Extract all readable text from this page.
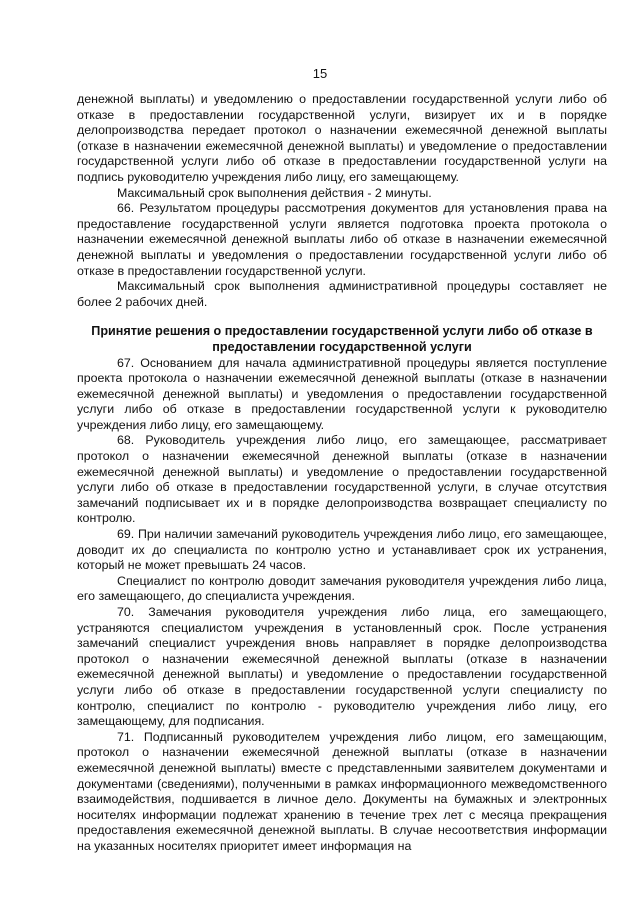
15

денежной выплаты) и уведомлению о предоставлении государственной услуги либо об отказе в предоставлении государственной услуги, визирует их и в порядке делопроизводства передает протокол о назначении ежемесячной денежной выплаты (отказе в назначении ежемесячной денежной выплаты) и уведомление о предоставлении государственной услуги либо об отказе в предоставлении государственной услуги на подпись руководителю учреждения либо лицу, его замещающему.

Максимальный срок выполнения действия - 2 минуты.

66. Результатом процедуры рассмотрения документов для установления права на предоставление государственной услуги является подготовка проекта протокола о назначении ежемесячной денежной выплаты либо об отказе в назначении ежемесячной денежной выплаты и уведомления о предоставлении государственной услуги либо об отказе в предоставлении государственной услуги.

Максимальный срок выполнения административной процедуры составляет не более 2 рабочих дней.

Принятие решения о предоставлении государственной услуги либо об отказе в предоставлении государственной услуги

67. Основанием для начала административной процедуры является поступление проекта протокола о назначении ежемесячной денежной выплаты (отказе в назначении ежемесячной денежной выплаты) и уведомления о предоставлении государственной услуги либо об отказе в предоставлении государственной услуги к руководителю учреждения либо лицу, его замещающему.

68. Руководитель учреждения либо лицо, его замещающее, рассматривает протокол о назначении ежемесячной денежной выплаты (отказе в назначении ежемесячной денежной выплаты) и уведомление о предоставлении государственной услуги либо об отказе в предоставлении государственной услуги, в случае отсутствия замечаний подписывает их и в порядке делопроизводства возвращает специалисту по контролю.

69. При наличии замечаний руководитель учреждения либо лицо, его замещающее, доводит их до специалиста по контролю устно и устанавливает срок их устранения, который не может превышать 24 часов.

Специалист по контролю доводит замечания руководителя учреждения либо лица, его замещающего, до специалиста учреждения.

70. Замечания руководителя учреждения либо лица, его замещающего, устраняются специалистом учреждения в установленный срок. После устранения замечаний специалист учреждения вновь направляет в порядке делопроизводства протокол о назначении ежемесячной денежной выплаты (отказе в назначении ежемесячной денежной выплаты) и уведомление о предоставлении государственной услуги либо об отказе в предоставлении государственной услуги специалисту по контролю, специалист по контролю - руководителю учреждения либо лицу, его замещающему, для подписания.

71. Подписанный руководителем учреждения либо лицом, его замещающим, протокол о назначении ежемесячной денежной выплаты (отказе в назначении ежемесячной денежной выплаты) вместе с представленными заявителем документами и документами (сведениями), полученными в рамках информационного межведомственного взаимодействия, подшивается в личное дело. Документы на бумажных и электронных носителях информации подлежат хранению в течение трех лет с месяца прекращения предоставления ежемесячной денежной выплаты. В случае несоответствия информации на указанных носителях приоритет имеет информация на
